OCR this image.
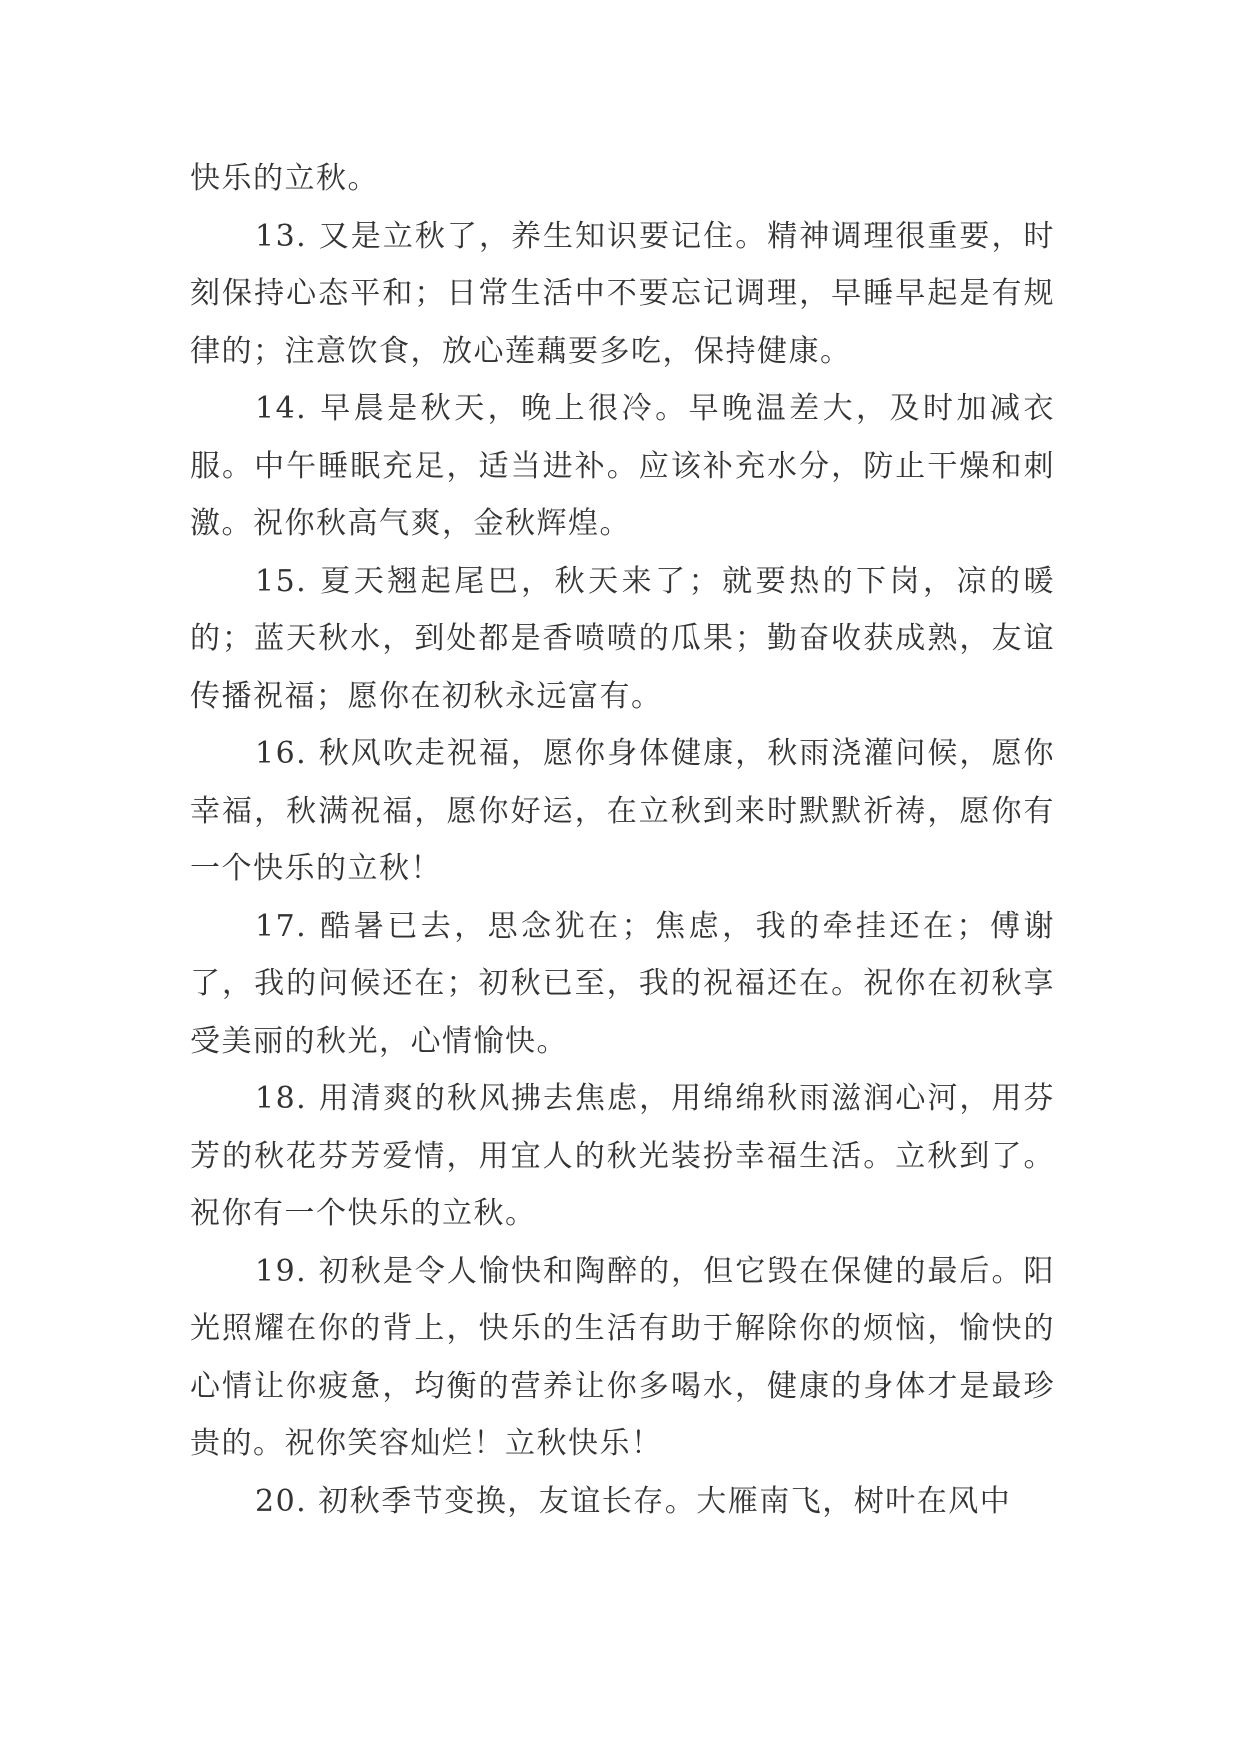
快乐的立秋。

13. 又是立秋了，养生知识要记住。精神调理很重要，时刻保持心态平和；日常生活中不要忘记调理，早睡早起是有规律的；注意饮食，放心莲藕要多吃，保持健康。

14. 早晨是秋天，晚上很冷。早晚温差大，及时加减衣服。中午睡眠充足，适当进补。应该补充水分，防止干燥和刺激。祝你秋高气爽，金秋辉煌。

15. 夏天翘起尾巴，秋天来了；就要热的下岗，凉的暖的；蓝天秋水，到处都是香喷喷的瓜果；勤奋收获成熟，友谊传播祝福；愿你在初秋永远富有。

16. 秋风吹走祝福，愿你身体健康，秋雨浇灌问候，愿你幸福，秋满祝福，愿你好运，在立秋到来时默默祈祷，愿你有一个快乐的立秋！

17. 酷暑已去，思念犹在；焦虑，我的牵挂还在；傅谢了，我的问候还在；初秋已至，我的祝福还在。祝你在初秋享受美丽的秋光，心情愉快。

18. 用清爽的秋风拂去焦虑，用绵绵秋雨滋润心河，用芬芳的秋花芬芳爱情，用宜人的秋光装扮幸福生活。立秋到了。祝你有一个快乐的立秋。

19. 初秋是令人愉快和陶醉的，但它毁在保健的最后。阳光照耀在你的背上，快乐的生活有助于解除你的烦恼，愉快的心情让你疲惫，均衡的营养让你多喝水，健康的身体才是最珍贵的。祝你笑容灿烂！立秋快乐！

20. 初秋季节变换，友谊长存。大雁南飞，树叶在风中
